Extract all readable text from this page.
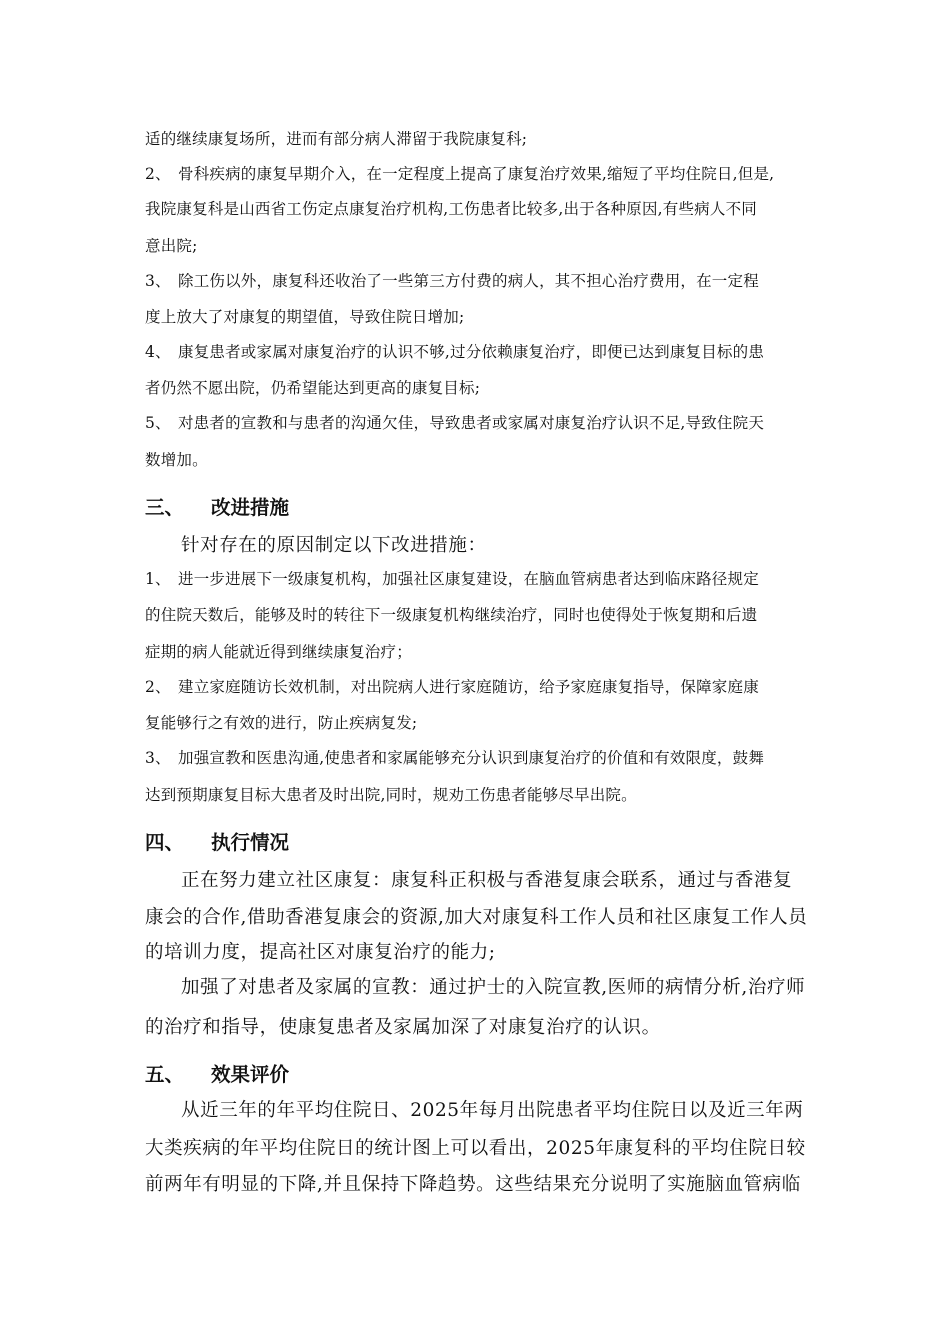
适的继续康复场所，进而有部分病人滞留于我院康复科;
2、 骨科疾病的康复早期介入，在一定程度上提高了康复治疗效果,缩短了平均住院日,但是,
我院康复科是山西省工伤定点康复治疗机构,工伤患者比较多,出于各种原因,有些病人不同
意出院;
3、 除工伤以外，康复科还收治了一些第三方付费的病人，其不担心治疗费用，在一定程
度上放大了对康复的期望值，导致住院日增加;
4、 康复患者或家属对康复治疗的认识不够,过分依赖康复治疗，即便已达到康复目标的患
者仍然不愿出院，仍希望能达到更高的康复目标;
5、 对患者的宣教和与患者的沟通欠佳，导致患者或家属对康复治疗认识不足,导致住院天
数增加。
三、 改进措施
针对存在的原因制定以下改进措施：
1、 进一步进展下一级康复机构，加强社区康复建设，在脑血管病患者达到临床路径规定
的住院天数后，能够及时的转往下一级康复机构继续治疗，同时也使得处于恢复期和后遗
症期的病人能就近得到继续康复治疗；
2、 建立家庭随访长效机制，对出院病人进行家庭随访，给予家庭康复指导，保障家庭康
复能够行之有效的进行，防止疾病复发;
3、 加强宣教和医患沟通,使患者和家属能够充分认识到康复治疗的价值和有效限度，鼓舞
达到预期康复目标大患者及时出院,同时，规劝工伤患者能够尽早出院。
四、 执行情况
正在努力建立社区康复：康复科正积极与香港复康会联系，通过与香港复
康会的合作,借助香港复康会的资源,加大对康复科工作人员和社区康复工作人员
的培训力度，提高社区对康复治疗的能力;
加强了对患者及家属的宣教：通过护士的入院宣教,医师的病情分析,治疗师
的治疗和指导，使康复患者及家属加深了对康复治疗的认识。
五、 效果评价
从近三年的年平均住院日、2025年每月出院患者平均住院日以及近三年两
大类疾病的年平均住院日的统计图上可以看出，2025年康复科的平均住院日较
前两年有明显的下降,并且保持下降趋势。这些结果充分说明了实施脑血管病临
